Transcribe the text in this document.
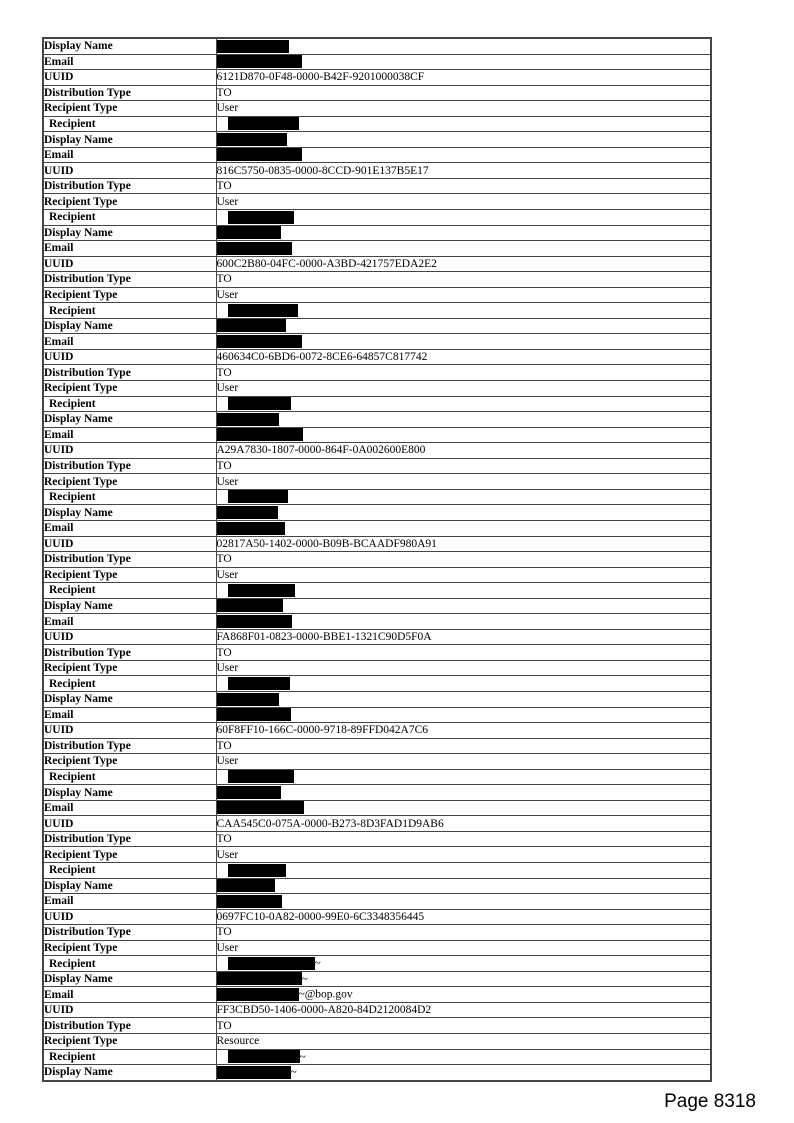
Display Name	
Email	
UUID	6121D870-0F48-0000-B42F-9201000038CF
Distribution Type	TO
Recipient Type	User
Recipient	
Display Name	
Email	
UUID	816C5750-0835-0000-8CCD-901E137B5E17
Distribution Type	TO
Recipient Type	User
Recipient	
Display Name	
Email	
UUID	600C2B80-04FC-0000-A3BD-421757EDA2E2
Distribution Type	TO
Recipient Type	User
Recipient	
Display Name	
Email	
UUID	460634C0-6BD6-0072-8CE6-64857C817742
Distribution Type	TO
Recipient Type	User
Recipient	
Display Name	
Email	
UUID	A29A7830-1807-0000-864F-0A002600E800
Distribution Type	TO
Recipient Type	User
Recipient	
Display Name	
Email	
UUID	02817A50-1402-0000-B09B-BCAADF980A91
Distribution Type	TO
Recipient Type	User
Recipient	
Display Name	
Email	
UUID	FA868F01-0823-0000-BBE1-1321C90D5F0A
Distribution Type	TO
Recipient Type	User
Recipient	
Display Name	
Email	
UUID	60F8FF10-166C-0000-9718-89FFD042A7C6
Distribution Type	TO
Recipient Type	User
Recipient	
Display Name	
Email	
UUID	CAA545C0-075A-0000-B273-8D3FAD1D9AB6
Distribution Type	TO
Recipient Type	User
Recipient	
Display Name	
Email	
UUID	0697FC10-0A82-0000-99E0-6C3348356445
Distribution Type	TO
Recipient Type	User
Recipient	~
Display Name	~
Email	~@bop.gov
UUID	FF3CBD50-1406-0000-A820-84D2120084D2
Distribution Type	TO
Recipient Type	Resource
Recipient	~
Display Name	~
Page 8318
